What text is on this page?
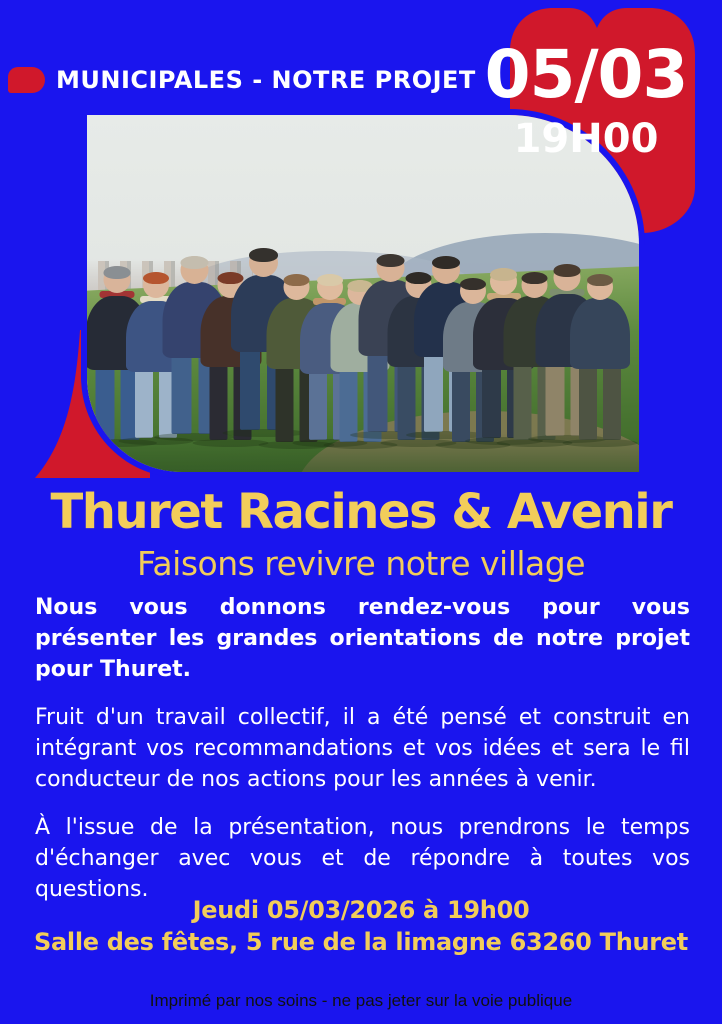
MUNICIPALES - NOTRE PROJET 05/03
19H00
Thuret Racines & Avenir
Faisons revivre notre village

Nous vous donnons rendez-vous pour vous présenter les grandes orientations de notre projet pour Thuret.

Fruit d'un travail collectif, il a été pensé et construit en intégrant vos recommandations et vos idées et sera le fil conducteur de nos actions pour les années à venir.

À l'issue de la présentation, nous prendrons le temps d'échanger avec vous et de répondre à toutes vos questions.

Jeudi 05/03/2026 à 19h00
Salle des fêtes, 5 rue de la limagne 63260 Thuret
Imprimé par nos soins - ne pas jeter sur la voie publique
